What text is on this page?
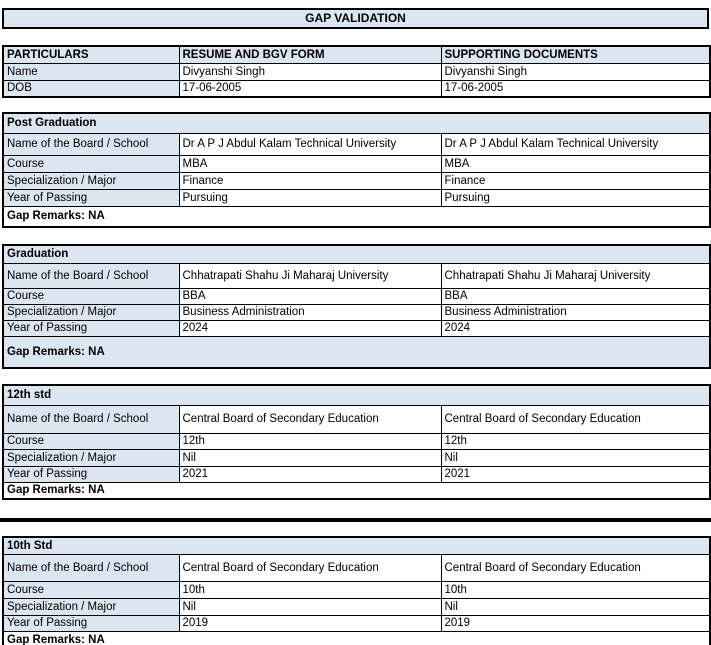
GAP VALIDATION
PARTICULARS	RESUME AND BGV FORM	SUPPORTING DOCUMENTS
Name	Divyanshi Singh	Divyanshi Singh
DOB	17-06-2005	17-06-2005
Post Graduation		
Name of the Board / School	Dr A P J Abdul Kalam Technical University	Dr A P J Abdul Kalam Technical University
Course	MBA	MBA
Specialization / Major	Finance	Finance
Year of Passing	Pursuing	Pursuing
Gap Remarks: NA		
Graduation		
Name of the Board / School	Chhatrapati Shahu Ji Maharaj University	Chhatrapati Shahu Ji Maharaj University
Course	BBA	BBA
Specialization / Major	Business Administration	Business Administration
Year of Passing	2024	2024
Gap Remarks: NA		
12th std		
Name of the Board / School	Central Board of Secondary Education	Central Board of Secondary Education
Course	12th	12th
Specialization / Major	Nil	Nil
Year of Passing	2021	2021
Gap Remarks: NA		
10th Std		
Name of the Board / School	Central Board of Secondary Education	Central Board of Secondary Education
Course	10th	10th
Specialization / Major	Nil	Nil
Year of Passing	2019	2019
Gap Remarks: NA		
